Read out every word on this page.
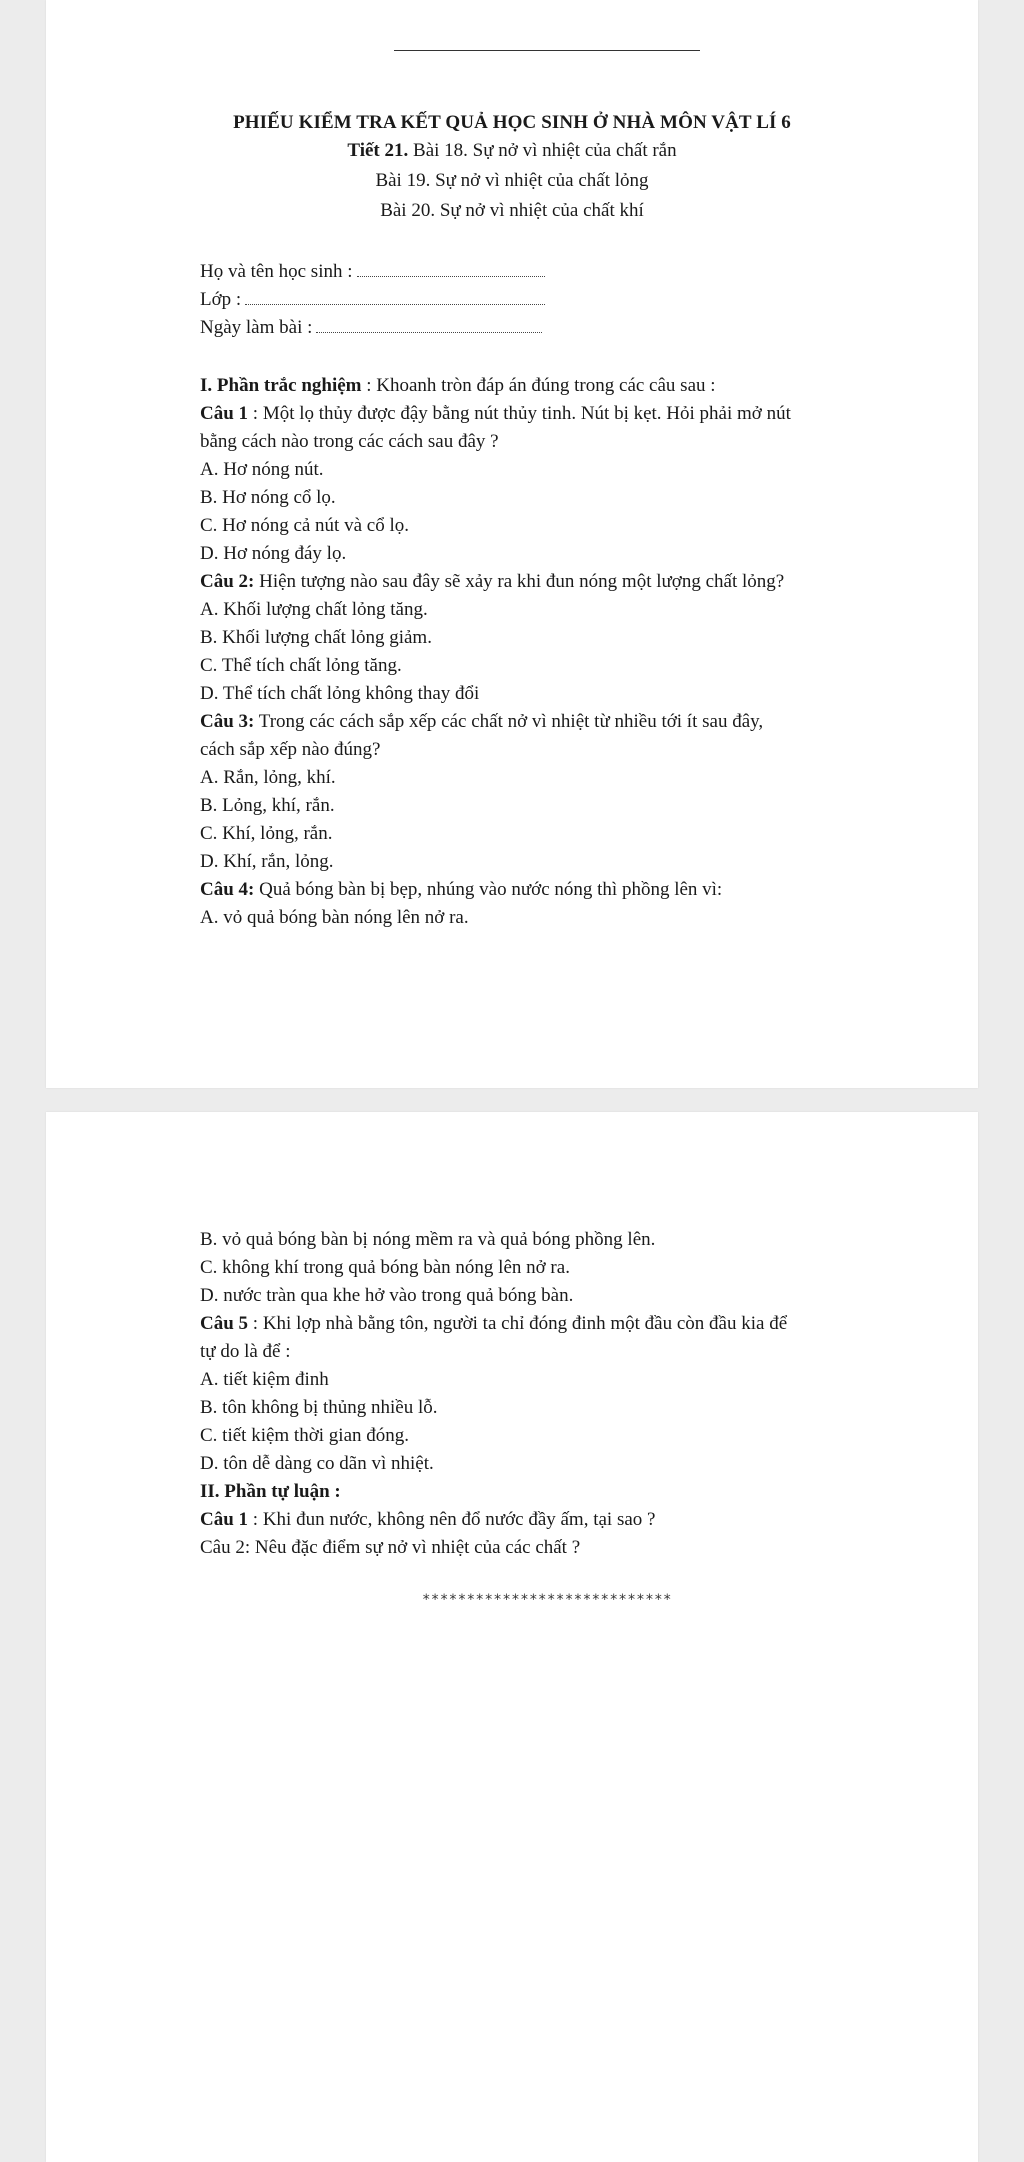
PHIẾU KIỂM TRA KẾT QUẢ HỌC SINH Ở NHÀ MÔN VẬT LÍ 6
Tiết 21. Bài 18. Sự nở vì nhiệt của chất rắn
Bài 19. Sự nở vì nhiệt của chất lỏng
Bài 20. Sự nở vì nhiệt của chất khí
Họ và tên học sinh :
Lớp :
Ngày làm bài :
I. Phần trắc nghiệm : Khoanh tròn đáp án đúng trong các câu sau :
Câu 1 : Một lọ thủy được đậy bằng nút thủy tinh. Nút bị kẹt. Hỏi phải mở nút
bằng cách nào trong các cách sau đây ?
A. Hơ nóng nút.
B. Hơ nóng cổ lọ.
C. Hơ nóng cả nút và cổ lọ.
D. Hơ nóng đáy lọ.
Câu 2: Hiện tượng nào sau đây sẽ xảy ra khi đun nóng một lượng chất lỏng?
A. Khối lượng chất lỏng tăng.
B. Khối lượng chất lỏng giảm.
C. Thể tích chất lỏng tăng.
D. Thể tích chất lỏng không thay đổi
Câu 3: Trong các cách sắp xếp các chất nở vì nhiệt từ nhiều tới ít sau đây,
cách sắp xếp nào đúng?
A. Rắn, lỏng, khí.
B. Lỏng, khí, rắn.
C. Khí, lỏng, rắn.
D. Khí, rắn, lỏng.
Câu 4: Quả bóng bàn bị bẹp, nhúng vào nước nóng thì phồng lên vì:
A. vỏ quả bóng bàn nóng lên nở ra.
B. vỏ quả bóng bàn bị nóng mềm ra và quả bóng phồng lên.
C. không khí trong quả bóng bàn nóng lên nở ra.
D. nước tràn qua khe hở vào trong quả bóng bàn.
Câu 5 : Khi lợp nhà bằng tôn, người ta chỉ đóng đinh một đầu còn đầu kia để
tự do là để :
A. tiết kiệm đinh
B. tôn không bị thủng nhiều lỗ.
C. tiết kiệm thời gian đóng.
D. tôn dễ dàng co dãn vì nhiệt.
II. Phần tự luận :
Câu 1 : Khi đun nước, không nên đổ nước đầy ấm, tại sao ?
Câu 2: Nêu đặc điểm sự nở vì nhiệt của các chất ?
****************************
